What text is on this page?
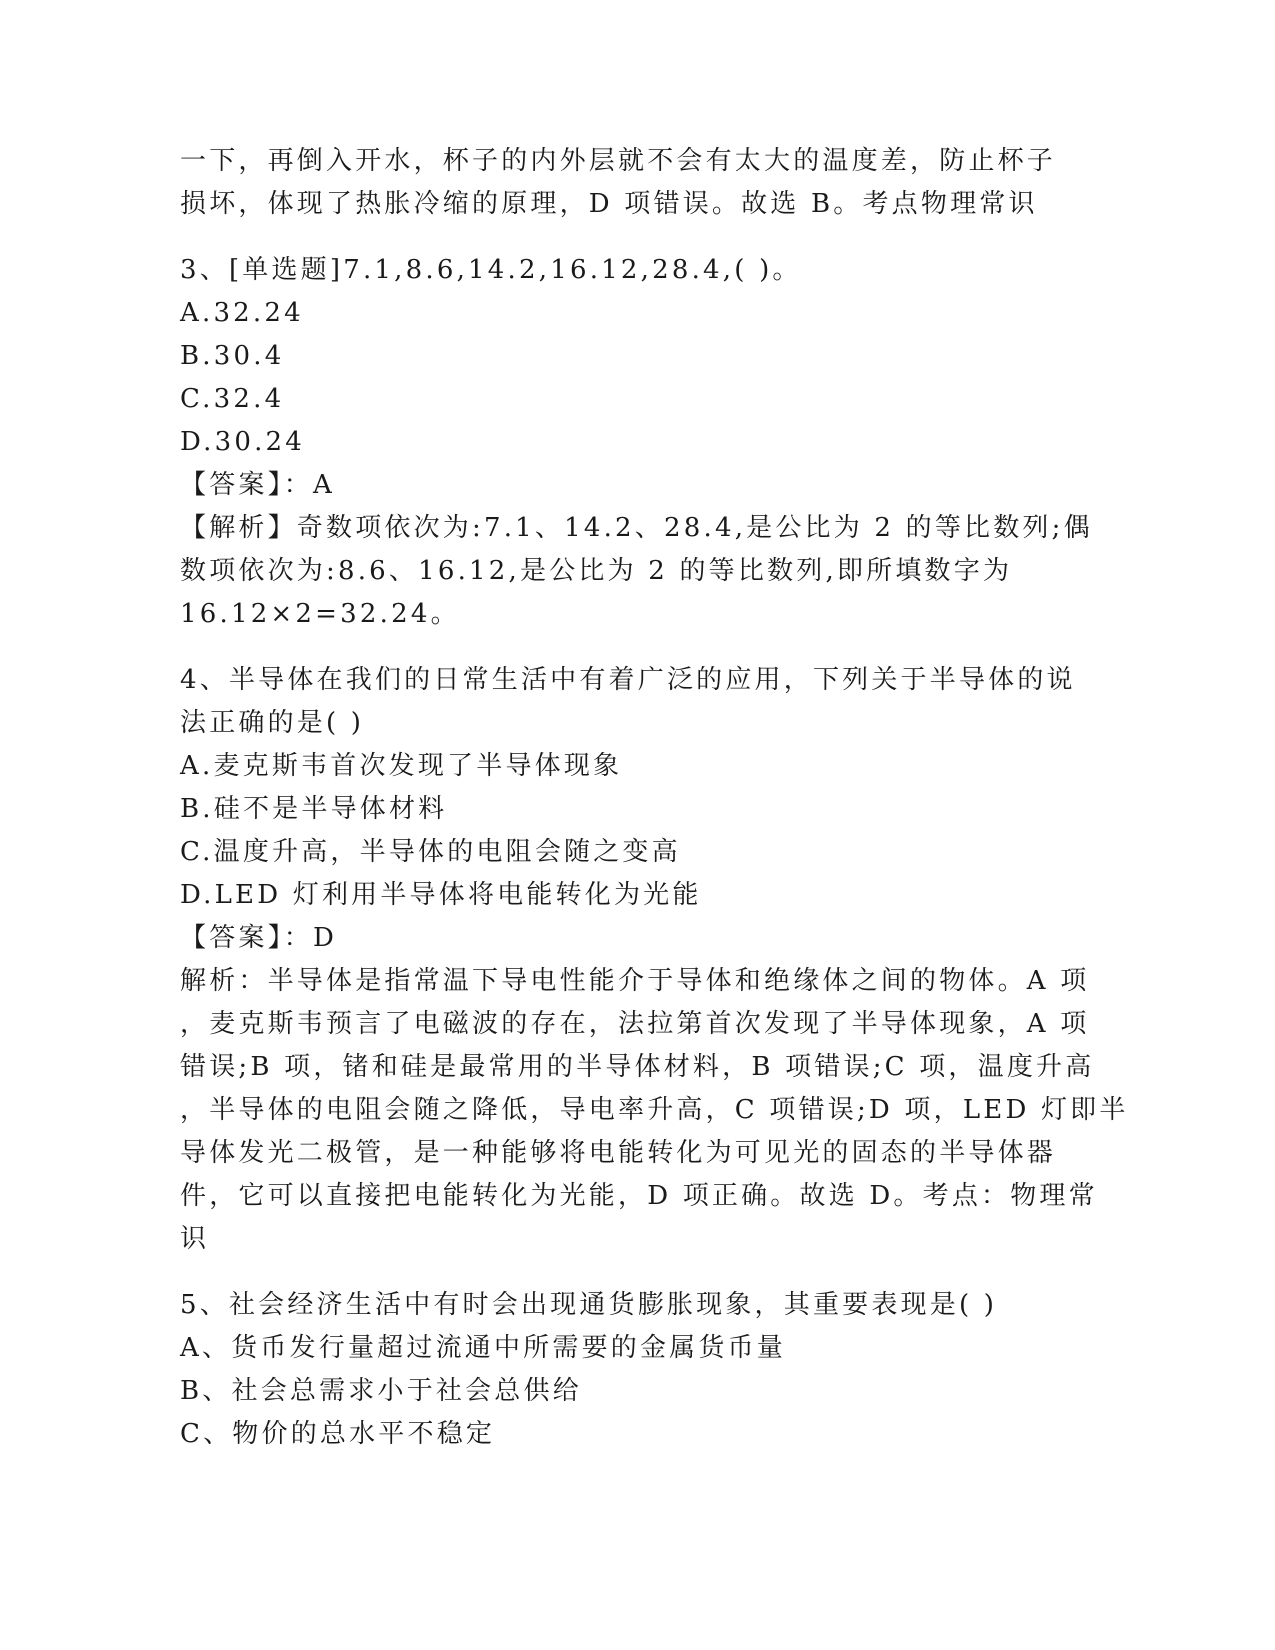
一下，再倒入开水，杯子的内外层就不会有太大的温度差，防止杯子
损坏，体现了热胀冷缩的原理，D 项错误。故选 B。考点物理常识
3、[单选题]7.1,8.6,14.2,16.12,28.4,( )。
A.32.24
B.30.4
C.32.4
D.30.24
【答案】：A
【解析】奇数项依次为:7.1、14.2、28.4,是公比为 2 的等比数列;偶
数项依次为:8.6、16.12,是公比为 2 的等比数列,即所填数字为
16.12×2=32.24。
4、半导体在我们的日常生活中有着广泛的应用，下列关于半导体的说
法正确的是( )
A.麦克斯韦首次发现了半导体现象
B.硅不是半导体材料
C.温度升高，半导体的电阻会随之变高
D.LED 灯利用半导体将电能转化为光能
【答案】：D
解析：半导体是指常温下导电性能介于导体和绝缘体之间的物体。A 项
，麦克斯韦预言了电磁波的存在，法拉第首次发现了半导体现象，A 项
错误;B 项，锗和硅是最常用的半导体材料，B 项错误;C 项，温度升高
，半导体的电阻会随之降低，导电率升高，C 项错误;D 项，LED 灯即半
导体发光二极管，是一种能够将电能转化为可见光的固态的半导体器
件，它可以直接把电能转化为光能，D 项正确。故选 D。考点：物理常
识
5、社会经济生活中有时会出现通货膨胀现象，其重要表现是( )
A、货币发行量超过流通中所需要的金属货币量
B、社会总需求小于社会总供给
C、物价的总水平不稳定
